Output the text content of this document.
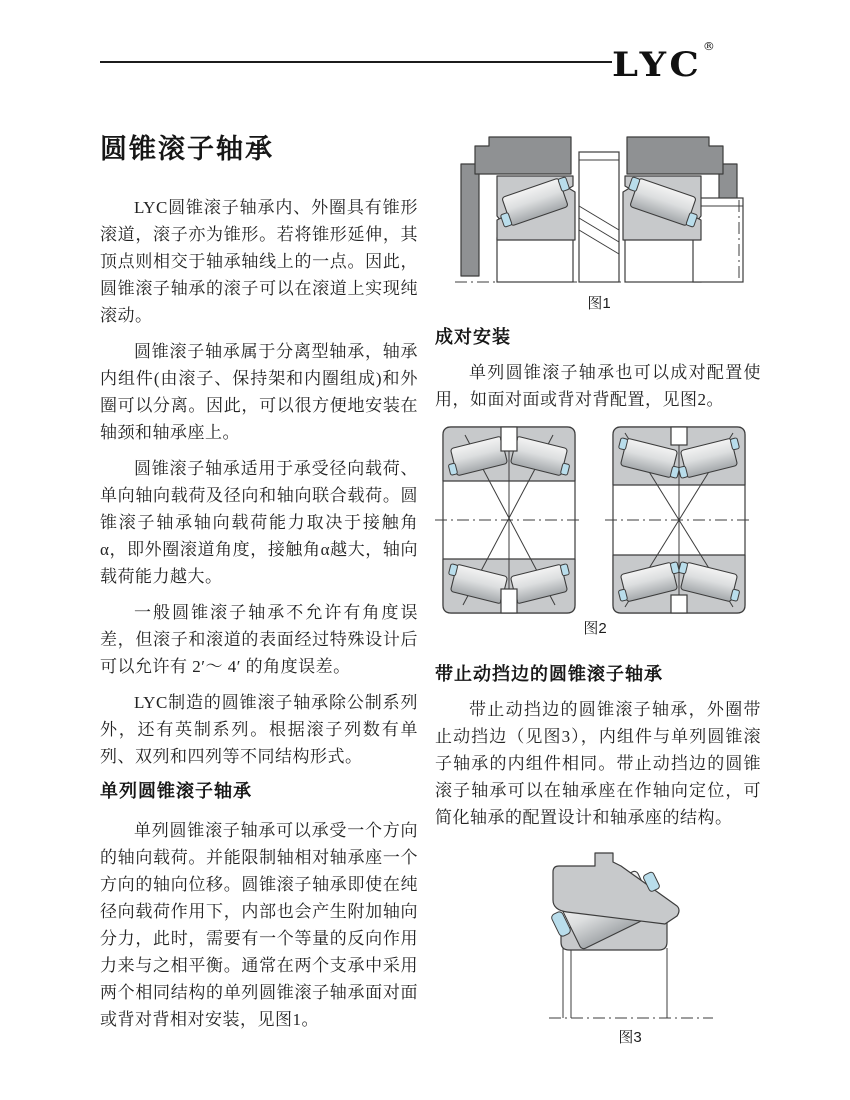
LYC®
圆锥滚子轴承

LYC圆锥滚子轴承内、外圈具有锥形滚道，滚子亦为锥形。若将锥形延伸，其顶点则相交于轴承轴线上的一点。因此，圆锥滚子轴承的滚子可以在滚道上实现纯滚动。

圆锥滚子轴承属于分离型轴承，轴承内组件(由滚子、保持架和内圈组成)和外圈可以分离。因此，可以很方便地安装在轴颈和轴承座上。

圆锥滚子轴承适用于承受径向载荷、单向轴向载荷及径向和轴向联合载荷。圆锥滚子轴承轴向载荷能力取决于接触角α，即外圈滚道角度，接触角α越大，轴向载荷能力越大。

一般圆锥滚子轴承不允许有角度误差，但滚子和滚道的表面经过特殊设计后可以允许有 2′～ 4′ 的角度误差。

LYC制造的圆锥滚子轴承除公制系列外，还有英制系列。根据滚子列数有单列、双列和四列等不同结构形式。

单列圆锥滚子轴承

单列圆锥滚子轴承可以承受一个方向的轴向载荷。并能限制轴相对轴承座一个方向的轴向位移。圆锥滚子轴承即使在纯径向载荷作用下，内部也会产生附加轴向分力，此时，需要有一个等量的反向作用力来与之相平衡。通常在两个支承中采用两个相同结构的单列圆锥滚子轴承面对面或背对背相对安装，见图1。

图1
成对安装

单列圆锥滚子轴承也可以成对配置使用，如面对面或背对背配置，见图2。

图2
带止动挡边的圆锥滚子轴承

带止动挡边的圆锥滚子轴承，外圈带止动挡边（见图3），内组件与单列圆锥滚子轴承的内组件相同。带止动挡边的圆锥滚子轴承可以在轴承座在作轴向定位，可简化轴承的配置设计和轴承座的结构。

图3
